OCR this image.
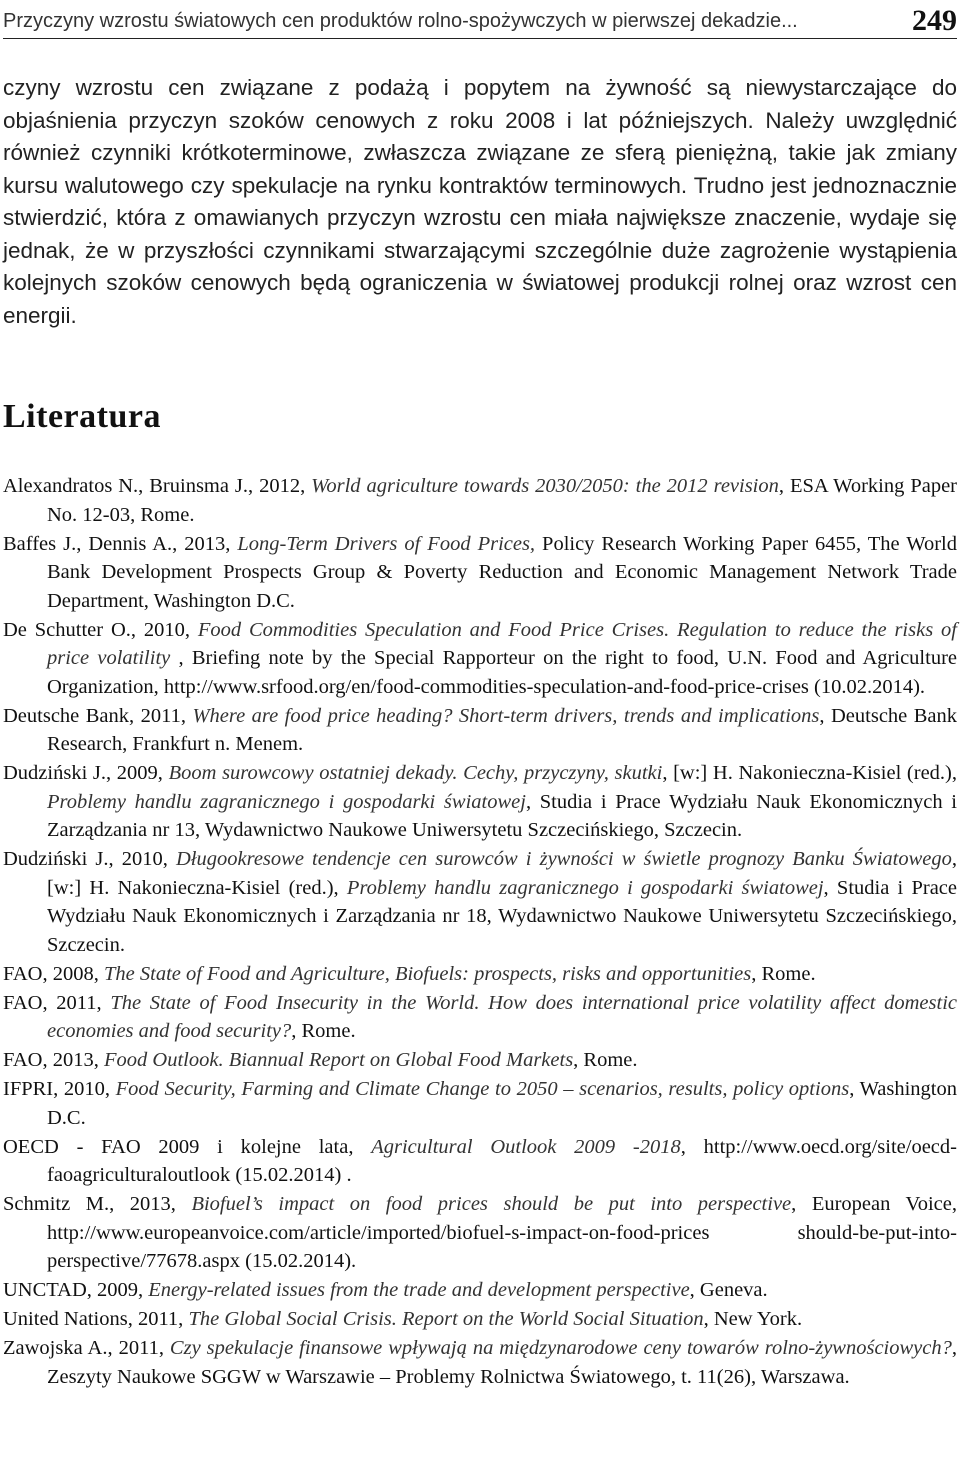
Przyczyny wzrostu światowych cen produktów rolno-spożywczych w pierwszej dekadzie...	249

czyny wzrostu cen związane z podażą i popytem na żywność są niewystarczające do objaśnienia przyczyn szoków cenowych z roku 2008 i lat późniejszych. Należy uwzględnić również czynniki krótkoterminowe, zwłaszcza związane ze sferą pieniężną, takie jak zmiany kursu walutowego czy spekulacje na rynku kontraktów terminowych. Trudno jest jednoznacznie stwierdzić, która z omawianych przyczyn wzrostu cen miała największe znaczenie, wydaje się jednak, że w przyszłości czynnikami stwarzającymi szczególnie duże zagrożenie wystąpienia kolejnych szoków cenowych będą ograniczenia w światowej produkcji rolnej oraz wzrost cen energii.

Literatura

Alexandratos N., Bruinsma J., 2012, World agriculture towards 2030/2050: the 2012 revision, ESA Working Paper No. 12-03, Rome.

Baffes J., Dennis A., 2013, Long-Term Drivers of Food Prices, Policy Research Working Paper 6455, The World Bank Development Prospects Group & Poverty Reduction and Economic Management Network Trade Department, Washington D.C.

De Schutter O., 2010, Food Commodities Speculation and Food Price Crises. Regulation to reduce the risks of price volatility , Briefing note by the Special Rapporteur on the right to food, U.N. Food and Agriculture Organization, http://www.srfood.org/en/food-commodities-speculation-and-food-price-crises (10.02.2014).

Deutsche Bank, 2011, Where are food price heading? Short-term drivers, trends and implications, Deutsche Bank Research, Frankfurt n. Menem.

Dudziński J., 2009, Boom surowcowy ostatniej dekady. Cechy, przyczyny, skutki, [w:] H. Nakonieczna-Kisiel (red.), Problemy handlu zagranicznego i gospodarki światowej, Studia i Prace Wydziału Nauk Ekonomicznych i Zarządzania nr 13, Wydawnictwo Naukowe Uniwersytetu Szczecińskiego, Szczecin.

Dudziński J., 2010, Długookresowe tendencje cen surowców i żywności w świetle prognozy Banku Światowego, [w:] H. Nakonieczna-Kisiel (red.), Problemy handlu zagranicznego i gospodarki światowej, Studia i Prace Wydziału Nauk Ekonomicznych i Zarządzania nr 18, Wydawnictwo Naukowe Uniwersytetu Szczecińskiego, Szczecin.

FAO, 2008, The State of Food and Agriculture, Biofuels: prospects, risks and opportunities, Rome.

FAO, 2011, The State of Food Insecurity in the World. How does international price volatility affect domestic economies and food security?, Rome.

FAO, 2013, Food Outlook. Biannual Report on Global Food Markets, Rome.

IFPRI, 2010, Food Security, Farming and Climate Change to 2050 – scenarios, results, policy options, Washington D.C.

OECD - FAO 2009 i kolejne lata, Agricultural Outlook 2009 -2018, http://www.oecd.org/site/oecd-faoagriculturaloutlook (15.02.2014) .

Schmitz M., 2013, Biofuel’s impact on food prices should be put into perspective, European Voice, http://www.europeanvoice.com/article/imported/biofuel-s-impact-on-food-prices should-be-put-into-perspective/77678.aspx (15.02.2014).

UNCTAD, 2009, Energy-related issues from the trade and development perspective, Geneva.

United Nations, 2011, The Global Social Crisis. Report on the World Social Situation, New York.

Zawojska A., 2011, Czy spekulacje finansowe wpływają na międzynarodowe ceny towarów rolno-żywnościowych?, Zeszyty Naukowe SGGW w Warszawie – Problemy Rolnictwa Światowego, t. 11(26), Warszawa.
